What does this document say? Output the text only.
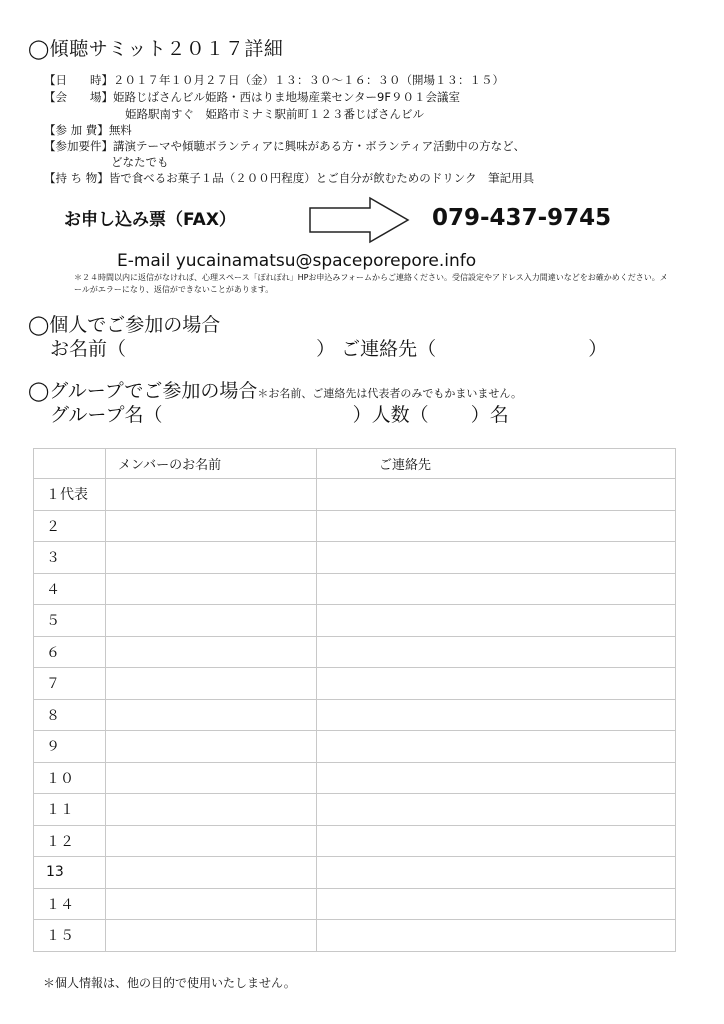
◯傾聴サミット２０１７詳細
【日　　時】２０１７年１０月２７日（金）１３：３０〜１６：３０（開場１３：１５）
【会　　場】姫路じばさんビル姫路・西はりま地場産業センター9F９０１会議室
姫路駅南すぐ　姫路市ミナミ駅前町１２３番じばさんビル
【参 加 費】無料
【参加要件】講演テーマや傾聴ボランティアに興味がある方・ボランティア活動中の方など、
どなたでも
【持 ち 物】皆で食べるお菓子１品（２００円程度）とご自分が飲むためのドリンク　筆記用具
お申し込み票（FAX）	079-437-9745
E-mail yucainamatsu@spaceporepore.info
＊２４時間以内に返信がなければ、心理スペース「ぽれぽれ」HPお申込みフォームからご連絡ください。受信設定やアドレス入力間違いなどをお確かめください。メールがエラーになり、返信ができないことがあります。
◯個人でご参加の場合
お名前（	） ご連絡先（	）
◯グループでご参加の場合＊お名前、ご連絡先は代表者のみでもかまいません。
グループ名（	）人数（ ）名
	メンバーのお名前	ご連絡先
１代表		
２		
３		
４		
５		
６		
７		
８		
９		
１０		
１１		
１２		
13		
１４		
１５		
＊個人情報は、他の目的で使用いたしません。
